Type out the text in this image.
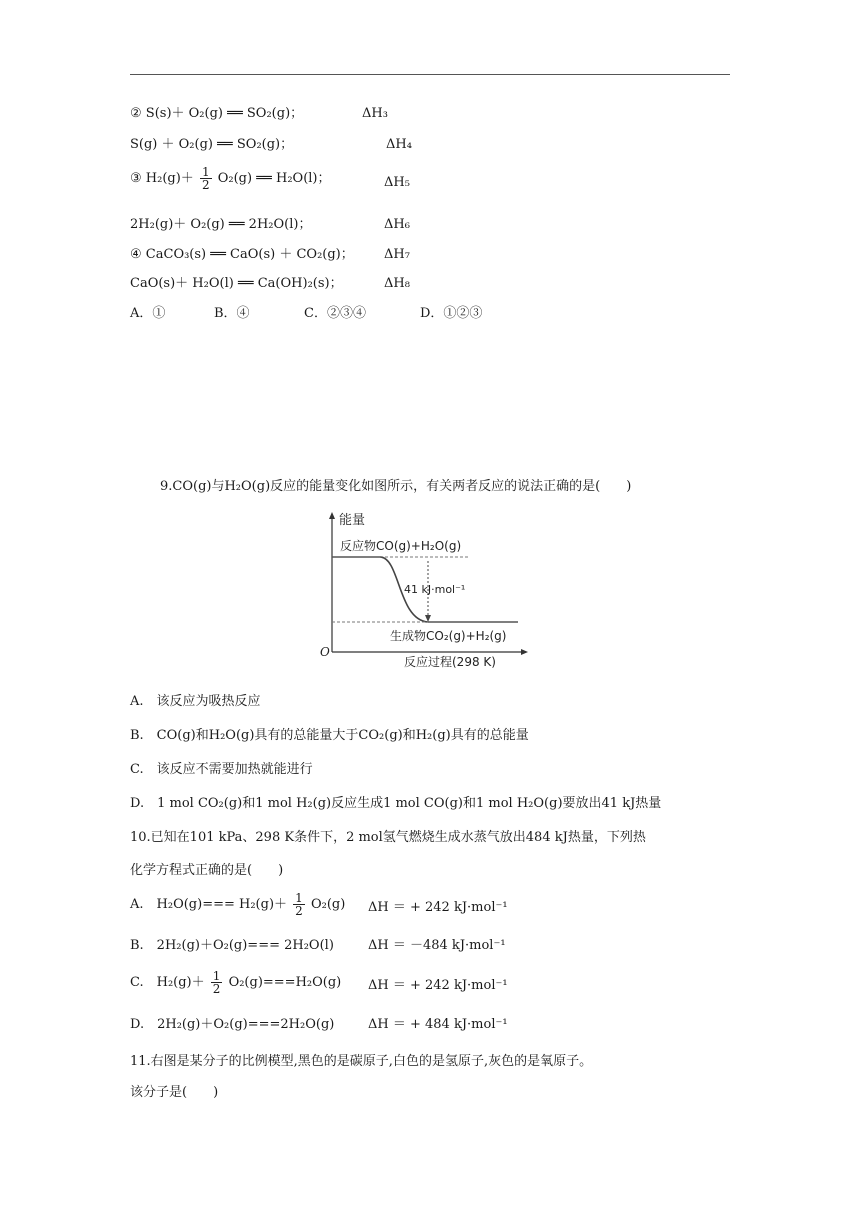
② S(s)＋ O₂(g) ══ SO₂(g)；	ΔH₃
S(g) ＋ O₂(g) ══ SO₂(g)；	ΔH₄
③ $H_2(g)+ \frac{1}{2} O_2(g)$ ══ H₂O(l)；	ΔH₅
2H₂(g)＋ O₂(g) ══ 2H₂O(l)；	ΔH₆
④ CaCO₃(s) ══ CaO(s) ＋ CO₂(g)； ΔH₇
CaO(s)＋ H₂O(l) ══ Ca(OH)₂(s)；	ΔH₈
A．①	B．④	C．②③④	D．①②③
9.CO(g)与H₂O(g)反应的能量变化如图所示，有关两者反应的说法正确的是(　　)
能量
O
反应物CO(g)+H₂O(g)
41 kJ·mol⁻¹
生成物CO₂(g)+H₂(g)
反应过程(298 K)
A.　该反应为吸热反应
B.　CO(g)和H₂O(g)具有的总能量大于CO₂(g)和H₂(g)具有的总能量
C.　该反应不需要加热就能进行
D.　1 mol CO₂(g)和1 mol H₂(g)反应生成1 mol CO(g)和1 mol H₂O(g)要放出41 kJ热量
10.已知在101 kPa、298 K条件下，2 mol氢气燃烧生成水蒸气放出484 kJ热量，下列热
化学方程式正确的是(　　)
A.　$H_2O(g)=== H_2(g)+ \frac{1}{2} O_2(g) \Delta H$ ＝ + 242 kJ·mol⁻¹
B.　2H₂(g)＋O₂(g)=== 2H₂O(l)	ΔH ＝ －484 kJ·mol⁻¹
C.　$H_2(g)+ \frac{1}{2} O_2(g)===H_2O(g) \Delta H$ ＝ + 242 kJ·mol⁻¹
D.　2H₂(g)＋O₂(g)===2H₂O(g)	ΔH ＝ + 484 kJ·mol⁻¹
11.右图是某分子的比例模型,黑色的是碳原子,白色的是氢原子,灰色的是氧原子。
该分子是(　　)
